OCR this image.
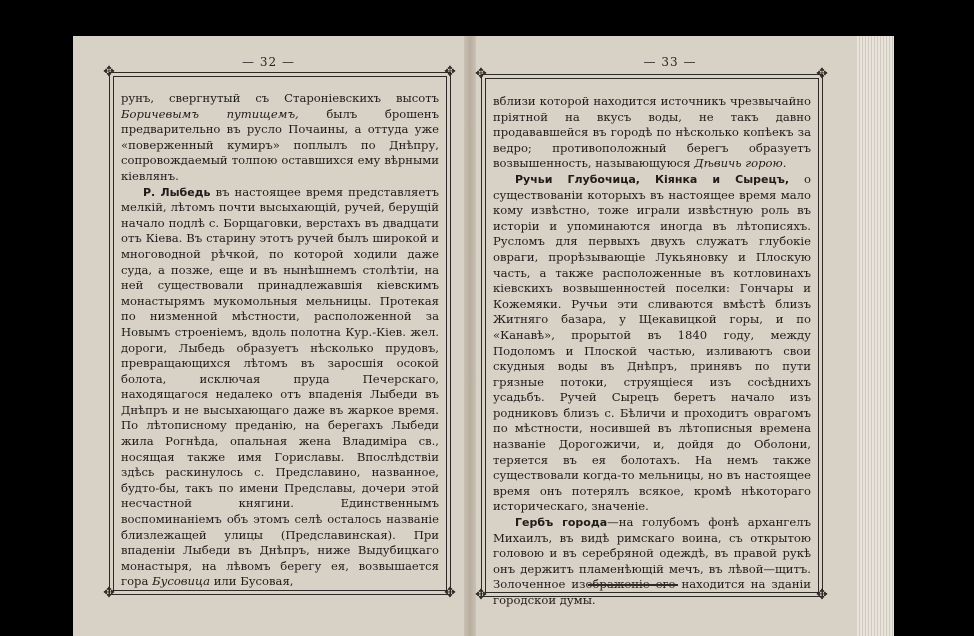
— 32 —
✥	✥
✥	✥

рунъ, свергнутый съ Староніевскихъ высотъ Боричевымъ путищемъ, былъ брошенъ предварительно въ русло Почаины, а оттуда уже «поверженный кумиръ» поплылъ по Днѣпру, сопровождаемый толпою оставшихся ему вѣрными кіевлянъ.

Р. Лыбедь въ настоящее время представляетъ мелкій, лѣтомъ почти высыхающій, ручей, берущій начало подлѣ с. Борщаговки, верстахъ въ двадцати отъ Кіева. Въ старину этотъ ручей былъ широкой и многоводной рѣчкой, по которой ходили даже суда, а позже, еще и въ нынѣшнемъ столѣтіи, на ней существовали принадлежавшія кіевскимъ монастырямъ мукомольныя мельницы. Протекая по низменной мѣстности, расположенной за Новымъ строеніемъ, вдоль полотна Кур.-Кіев. жел. дороги, Лыбедь образуетъ нѣсколько прудовъ, превращающихся лѣтомъ въ заросшія осокой болота, исключая пруда Печерскаго, находящагося недалеко отъ впаденія Лыбеди въ Днѣпръ и не высыхающаго даже въ жаркое время. По лѣтописному преданію, на берегахъ Лыбеди жила Рогнѣда, опальная жена Владиміра св., носящая также имя Гориславы. Впослѣдствіи здѣсь раскинулось с. Предславино, названное, будто-бы, такъ по имени Предславы, дочери этой несчастной княгини. Единственнымъ воспоминаніемъ объ этомъ селѣ осталось названіе близлежащей улицы (Предславинская). При впаденіи Лыбеди въ Днѣпръ, ниже Выдубицкаго монастыря, на лѣвомъ берегу ея, возвышается гора Бусовица или Бусовая,

— 33 —
✥	✥
✥	✥

вблизи которой находится источникъ чрезвычайно пріятной на вкусъ воды, не такъ давно продававшейся въ городѣ по нѣсколько копѣекъ за ведро; противоположный берегъ образуетъ возвышенность, называющуюся Дѣвичь горою.

Ручьи Глубочица, Кіянка и Сырецъ, о существованіи которыхъ въ настоящее время мало кому извѣстно, тоже играли извѣстную роль въ исторіи и упоминаются иногда въ лѣтописяхъ. Русломъ для первыхъ двухъ служатъ глубокіе овраги, прорѣзывающіе Лукьяновку и Плоскую часть, а также расположенные въ котловинахъ кіевскихъ возвышенностей поселки: Гончары и Кожемяки. Ручьи эти сливаются вмѣстѣ близъ Житняго базара, у Щекавицкой горы, и по «Канавѣ», прорытой въ 1840 году, между Подоломъ и Плоской частью, изливаютъ свои скудныя воды въ Днѣпръ, принявъ по пути грязные потоки, струящіеся изъ сосѣднихъ усадьбъ. Ручей Сырецъ беретъ начало изъ родниковъ близъ с. Бѣличи и проходитъ оврагомъ по мѣстности, носившей въ лѣтописныя времена названіе Дорогожичи, и, дойдя до Оболони, теряется въ ея болотахъ. На немъ также существовали когда-то мельницы, но въ настоящее время онъ потерялъ всякое, кромѣ нѣкотораго историческаго, значеніе.

Гербъ города—на голубомъ фонѣ архангелъ Михаилъ, въ видѣ римскаго воина, съ открытою головою и въ серебряной одеждѣ, въ правой рукѣ онъ держитъ пламенѣющій мечъ, въ лѣвой—щитъ. Золоченное изображеніе его находится на зданіи городской думы.
